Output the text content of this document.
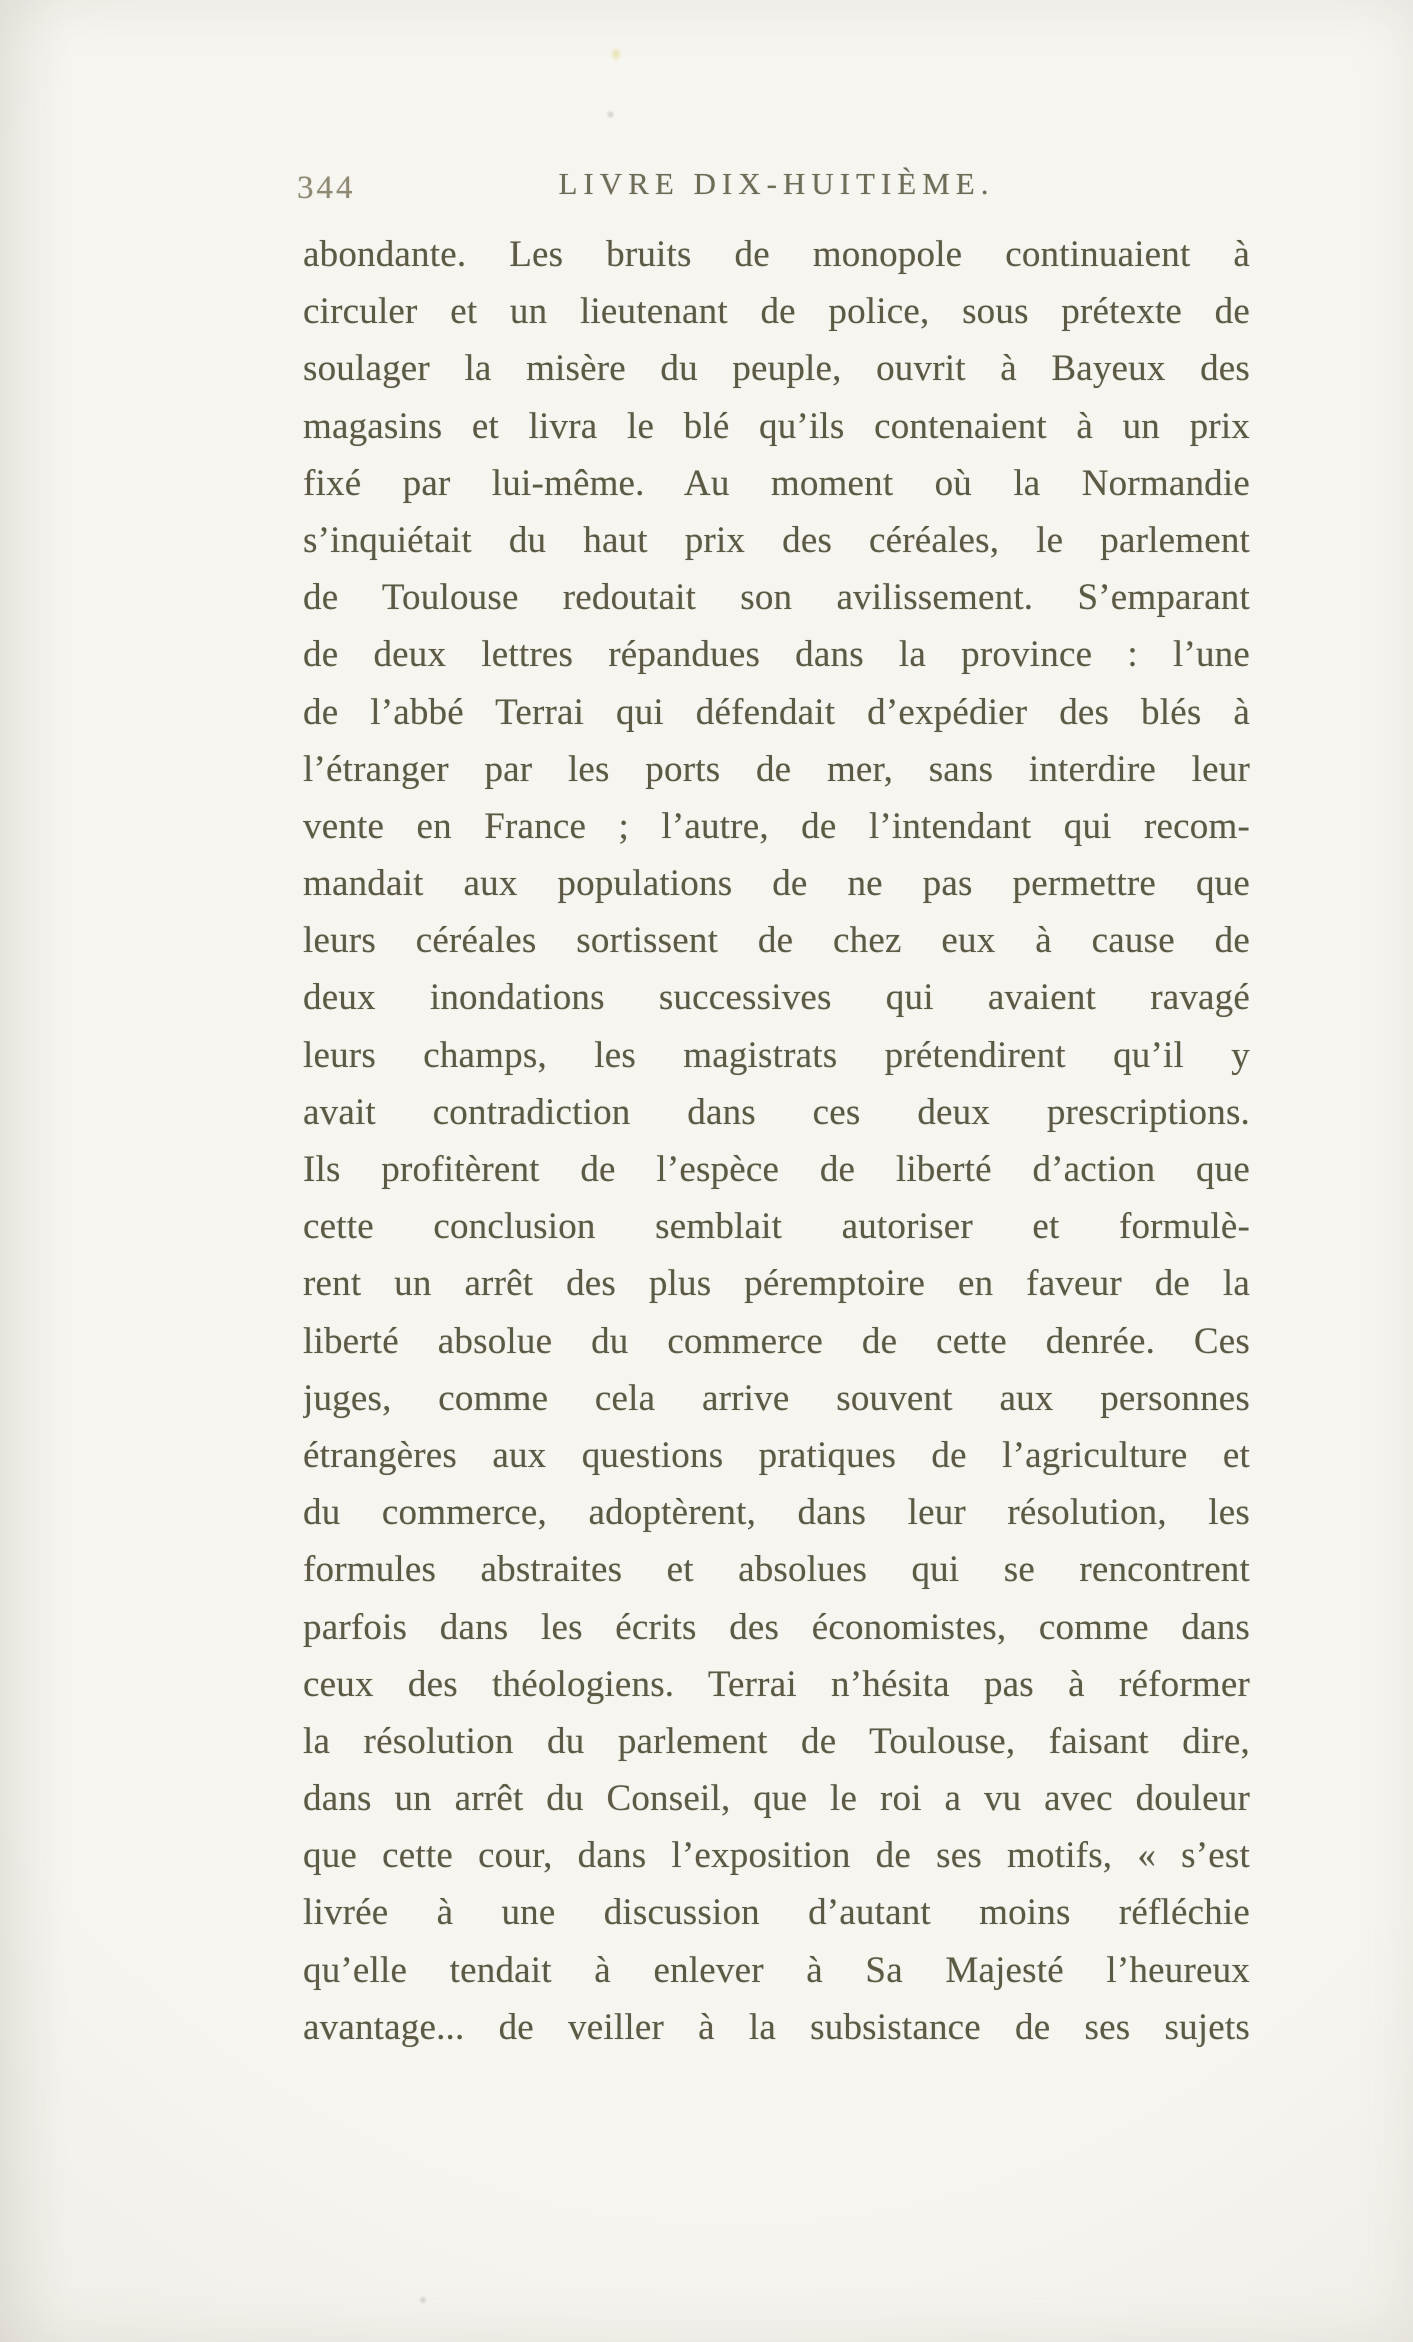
344	LIVRE DIX-HUITIÈME.
abondante. Les bruits de monopole continuaient à
circuler et un lieutenant de police, sous prétexte de
soulager la misère du peuple, ouvrit à Bayeux des
magasins et livra le blé qu’ils contenaient à un prix
fixé par lui-même. Au moment où la Normandie
s’inquiétait du haut prix des céréales, le parlement
de Toulouse redoutait son avilissement. S’emparant
de deux lettres répandues dans la province : l’une
de l’abbé Terrai qui défendait d’expédier des blés à
l’étranger par les ports de mer, sans interdire leur
vente en France ; l’autre, de l’intendant qui recom-
mandait aux populations de ne pas permettre que
leurs céréales sortissent de chez eux à cause de
deux inondations successives qui avaient ravagé
leurs champs, les magistrats prétendirent qu’il y
avait contradiction dans ces deux prescriptions.
Ils profitèrent de l’espèce de liberté d’action que
cette conclusion semblait autoriser et formulè-
rent un arrêt des plus péremptoire en faveur de la
liberté absolue du commerce de cette denrée. Ces
juges, comme cela arrive souvent aux personnes
étrangères aux questions pratiques de l’agriculture et
du commerce, adoptèrent, dans leur résolution, les
formules abstraites et absolues qui se rencontrent
parfois dans les écrits des économistes, comme dans
ceux des théologiens. Terrai n’hésita pas à réformer
la résolution du parlement de Toulouse, faisant dire,
dans un arrêt du Conseil, que le roi a vu avec douleur
que cette cour, dans l’exposition de ses motifs, « s’est
livrée à une discussion d’autant moins réfléchie
qu’elle tendait à enlever à Sa Majesté l’heureux
avantage... de veiller à la subsistance de ses sujets
